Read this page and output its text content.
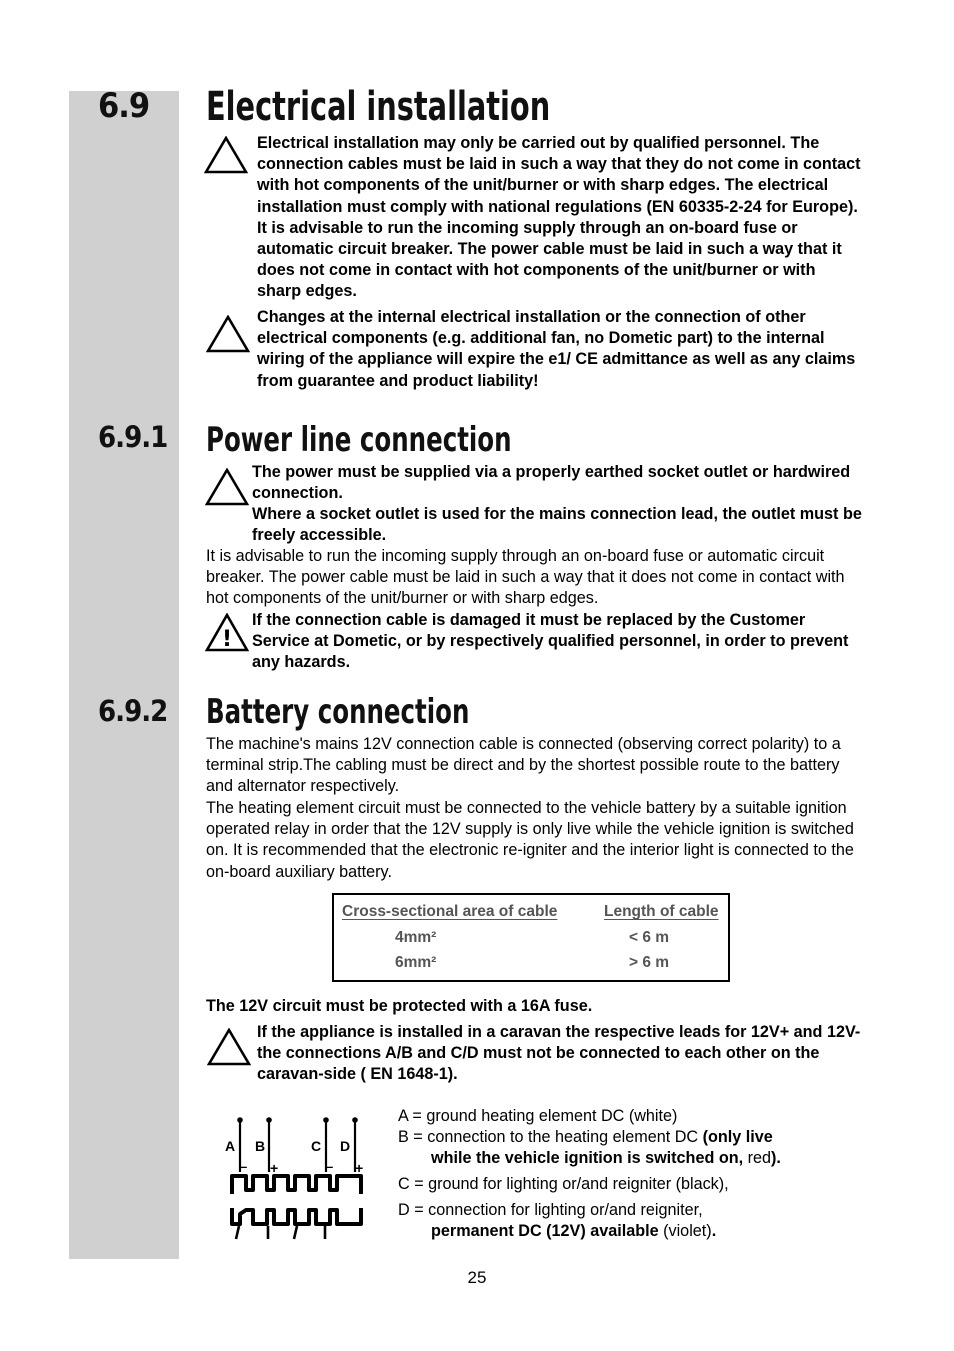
6.9 Electrical installation

Electrical installation may only be carried out by qualified personnel. The connection cables must be laid in such a way that they do not come in contact with hot components of the unit/burner or with sharp edges. The electrical installation must comply with national regulations (EN 60335-2-24 for Europe). It is advisable to run the incoming supply through an on-board fuse or automatic circuit breaker. The power cable must be laid in such a way that it does not come in contact with hot components of the unit/burner or with sharp edges.

Changes at the internal electrical installation or the connection of other electrical components (e.g. additional fan, no Dometic part) to the internal wiring of the appliance will expire the e1/ CE admittance as well as any claims from guarantee and product liability!

6.9.1 Power line connection

The power must be supplied via a properly earthed socket outlet or hardwired connection.

Where a socket outlet is used for the mains connection lead, the outlet must be freely accessible.

It is advisable to run the incoming supply through an on-board fuse or automatic circuit breaker. The power cable must be laid in such a way that it does not come in contact with hot components of the unit/burner or with sharp edges.

!

If the connection cable is damaged it must be replaced by the Customer Service at Dometic, or by respectively qualified personnel, in order to prevent any hazards.

6.9.2 Battery connection

The machine's mains 12V connection cable is connected (observing correct polarity) to a terminal strip.The cabling must be direct and by the shortest possible route to the battery and alternator respectively.

The heating element circuit must be connected to the vehicle battery by a suitable ignition operated relay in order that the 12V supply is only live while the vehicle ignition is switched on. It is recommended that the electronic re-igniter and the interior light is connected to the on-board auxiliary battery.

Cross-sectional area of cable	Length of cable
4mm²	< 6 m
6mm²	> 6 m

The 12V circuit must be protected with a 16A fuse.

If the appliance is installed in a caravan the respective leads for 12V+ and 12V- the connections A/B and C/D must not be connected to each other on the caravan-side ( EN 1648-1).

A B	C D
– +	– +
A = ground heating element DC (white)
B = connection to the heating element DC (only live
while the vehicle ignition is switched on, red).
C = ground for lighting or/and reigniter (black),
D = connection for lighting or/and reigniter,
permanent DC (12V) available (violet).
25
